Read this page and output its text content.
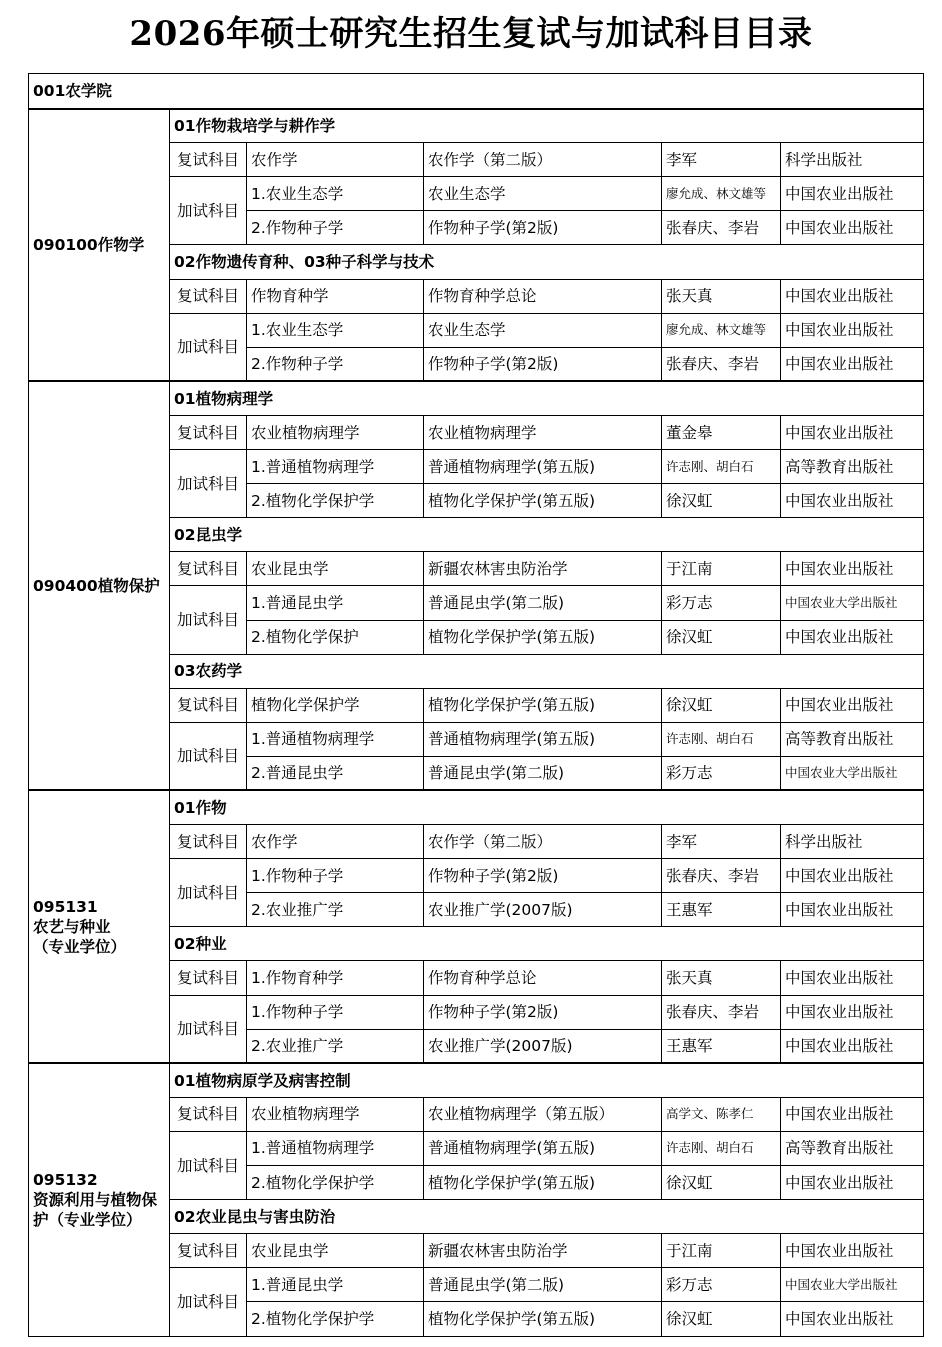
2026年硕士研究生招生复试与加试科目目录
001农学院					
090100作物学	01作物栽培学与耕作学				
	复试科目	农作学	农作学（第二版）	李军	科学出版社
	加试科目	1.农业生态学	农业生态学	廖允成、林文雄等	中国农业出版社
		2.作物种子学	作物种子学(第2版)	张春庆、李岩	中国农业出版社
	02作物遗传育种、03种子科学与技术				
	复试科目	作物育种学	作物育种学总论	张天真	中国农业出版社
	加试科目	1.农业生态学	农业生态学	廖允成、林文雄等	中国农业出版社
		2.作物种子学	作物种子学(第2版)	张春庆、李岩	中国农业出版社
090400植物保护	01植物病理学				
	复试科目	农业植物病理学	农业植物病理学	董金皋	中国农业出版社
	加试科目	1.普通植物病理学	普通植物病理学(第五版)	许志刚、胡白石	高等教育出版社
		2.植物化学保护学	植物化学保护学(第五版)	徐汉虹	中国农业出版社
	02昆虫学				
	复试科目	农业昆虫学	新疆农林害虫防治学	于江南	中国农业出版社
	加试科目	1.普通昆虫学	普通昆虫学(第二版)	彩万志	中国农业大学出版社
		2.植物化学保护	植物化学保护学(第五版)	徐汉虹	中国农业出版社
	03农药学				
	复试科目	植物化学保护学	植物化学保护学(第五版)	徐汉虹	中国农业出版社
	加试科目	1.普通植物病理学	普通植物病理学(第五版)	许志刚、胡白石	高等教育出版社
		2.普通昆虫学	普通昆虫学(第二版)	彩万志	中国农业大学出版社
095131
农艺与种业
（专业学位）	01作物				
	复试科目	农作学	农作学（第二版）	李军	科学出版社
	加试科目	1.作物种子学	作物种子学(第2版)	张春庆、李岩	中国农业出版社
		2.农业推广学	农业推广学(2007版)	王惠军	中国农业出版社
	02种业				
	复试科目	1.作物育种学	作物育种学总论	张天真	中国农业出版社
	加试科目	1.作物种子学	作物种子学(第2版)	张春庆、李岩	中国农业出版社
		2.农业推广学	农业推广学(2007版)	王惠军	中国农业出版社
095132
资源利用与植物保护（专业学位）	01植物病原学及病害控制				
	复试科目	农业植物病理学	农业植物病理学（第五版）	高学文、陈孝仁	中国农业出版社
	加试科目	1.普通植物病理学	普通植物病理学(第五版)	许志刚、胡白石	高等教育出版社
		2.植物化学保护学	植物化学保护学(第五版)	徐汉虹	中国农业出版社
	02农业昆虫与害虫防治				
	复试科目	农业昆虫学	新疆农林害虫防治学	于江南	中国农业出版社
	加试科目	1.普通昆虫学	普通昆虫学(第二版)	彩万志	中国农业大学出版社
		2.植物化学保护学	植物化学保护学(第五版)	徐汉虹	中国农业出版社
